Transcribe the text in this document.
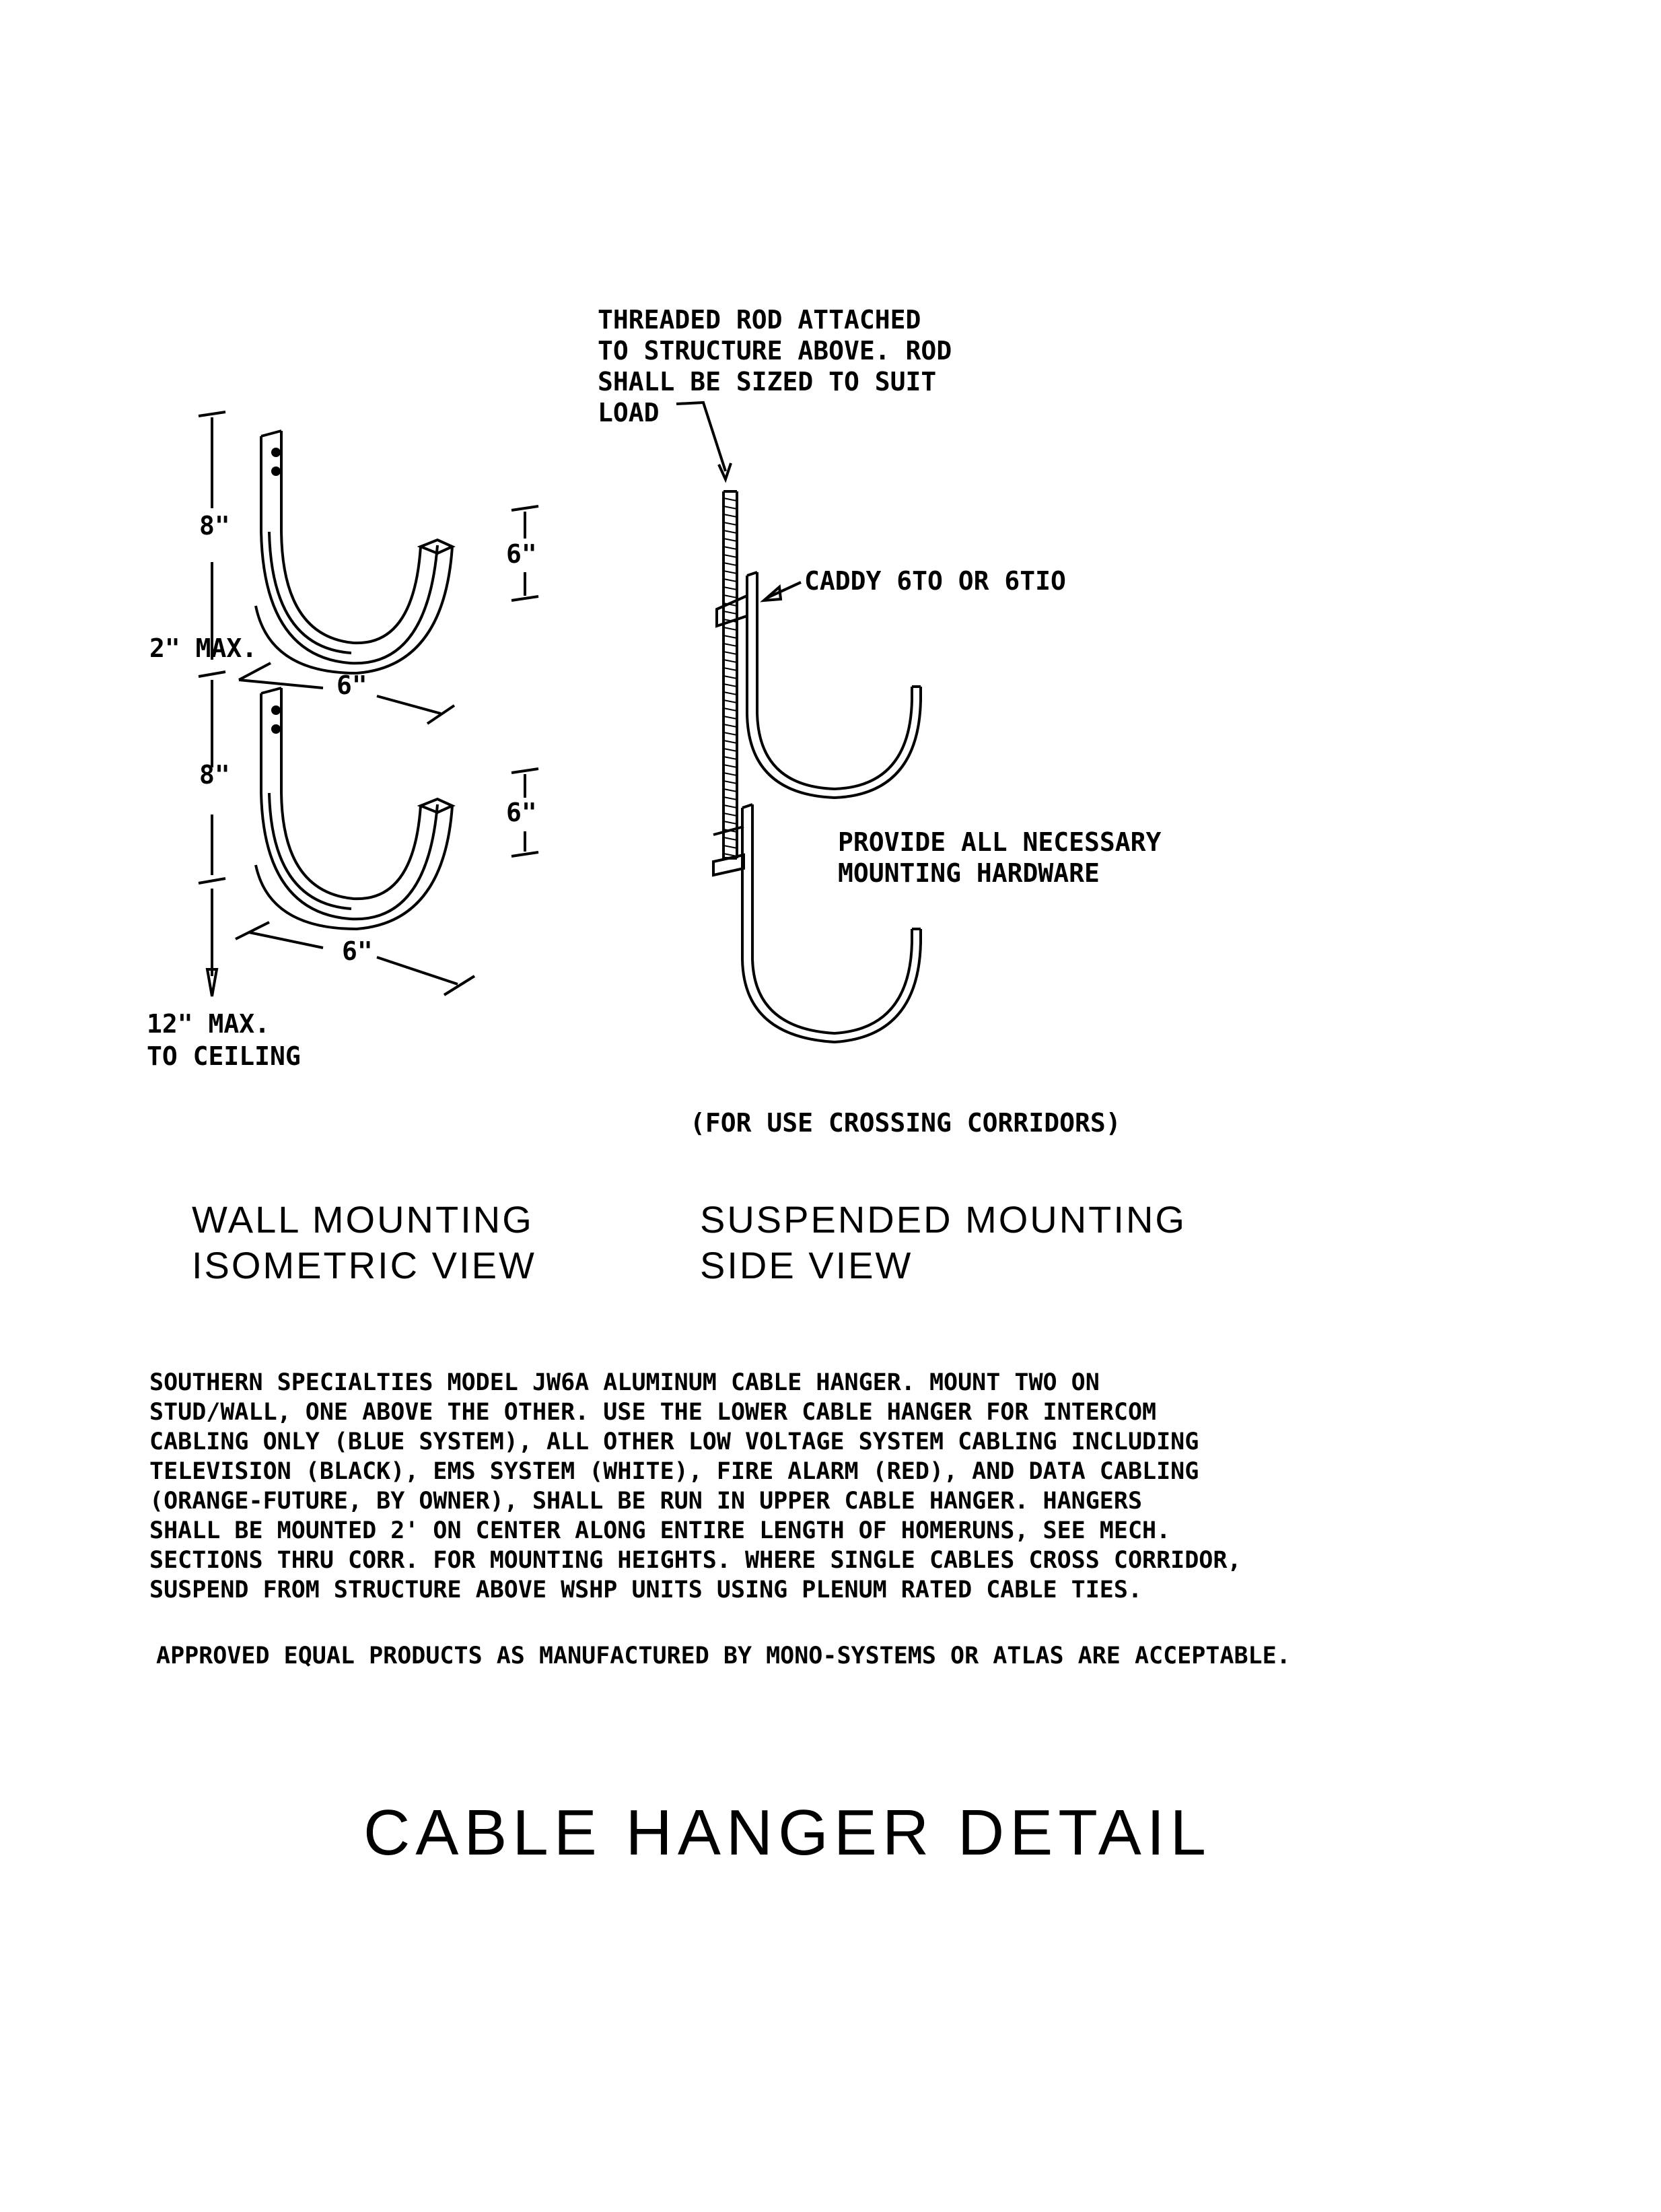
8"
6"
2" MAX.
6"
8"
6"
6"
12" MAX.
TO CEILING
WALL MOUNTING
ISOMETRIC VIEW
THREADED ROD ATTACHED
TO STRUCTURE ABOVE. ROD
SHALL BE SIZED TO SUIT
LOAD
CADDY 6TO OR 6TIO
PROVIDE ALL NECESSARY
MOUNTING HARDWARE
(FOR USE CROSSING CORRIDORS)
SUSPENDED MOUNTING
SIDE VIEW

SOUTHERN SPECIALTIES MODEL JW6A ALUMINUM CABLE HANGER. MOUNT TWO ON

STUD/WALL, ONE ABOVE THE OTHER. USE THE LOWER CABLE HANGER FOR INTERCOM

CABLING ONLY (BLUE SYSTEM), ALL OTHER LOW VOLTAGE SYSTEM CABLING INCLUDING

TELEVISION (BLACK), EMS SYSTEM (WHITE), FIRE ALARM (RED), AND DATA CABLING

(ORANGE-FUTURE, BY OWNER), SHALL BE RUN IN UPPER CABLE HANGER. HANGERS

SHALL BE MOUNTED 2' ON CENTER ALONG ENTIRE LENGTH OF HOMERUNS, SEE MECH.

SECTIONS THRU CORR. FOR MOUNTING HEIGHTS. WHERE SINGLE CABLES CROSS CORRIDOR,

SUSPEND FROM STRUCTURE ABOVE WSHP UNITS USING PLENUM RATED CABLE TIES.

APPROVED EQUAL PRODUCTS AS MANUFACTURED BY MONO-SYSTEMS OR ATLAS ARE ACCEPTABLE.

CABLE HANGER DETAIL
